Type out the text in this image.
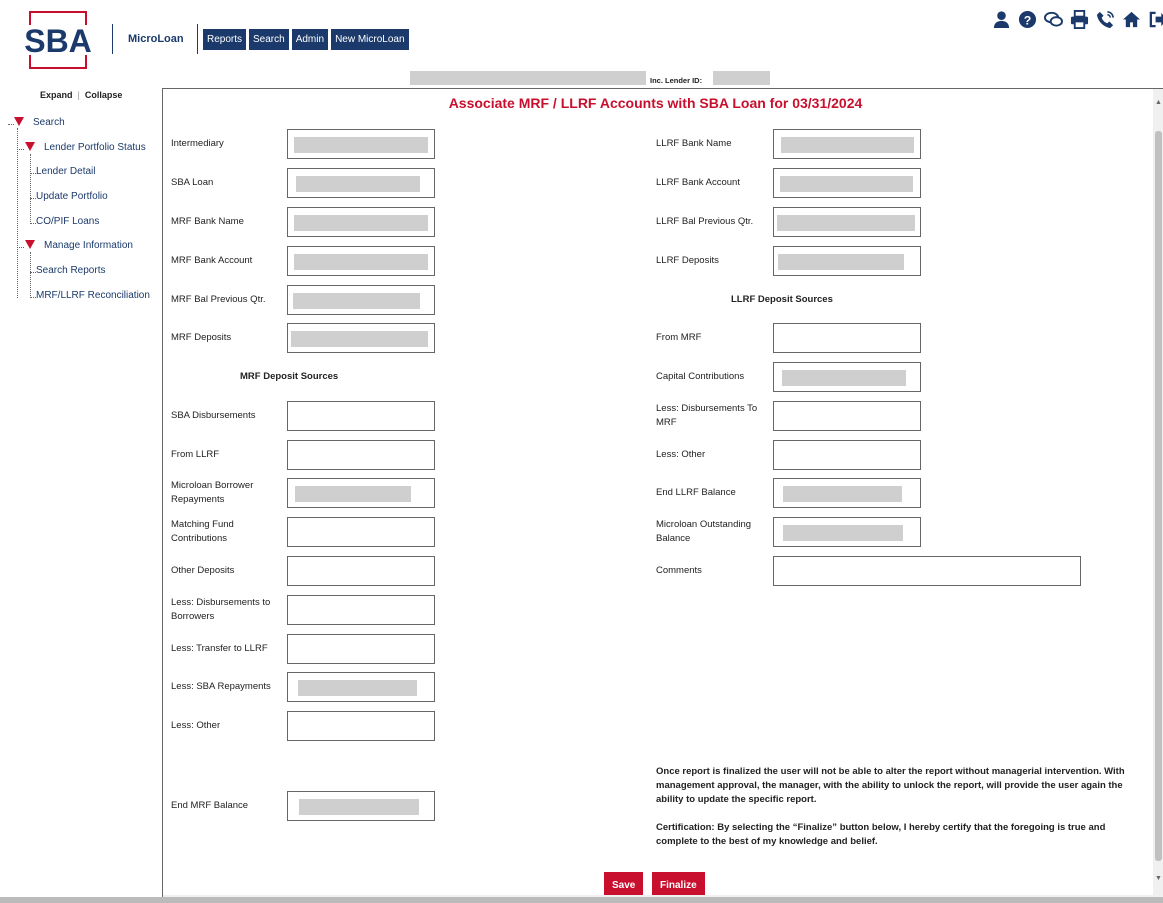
SBA	MicroLoan	Reports	Search	Admin	New MicroLoan
?
Inc. Lender ID:
Expand | Collapse
Search
Lender Portfolio Status
Lender Detail
Update Portfolio
CO/PIF Loans
Manage Information
Search Reports
MRF/LLRF Reconciliation
Associate MRF / LLRF Accounts with SBA Loan for 03/31/2024
Intermediary
SBA Loan
MRF Bank Name
MRF Bank Account
MRF Bal Previous Qtr.
MRF Deposits
MRF Deposit Sources
SBA Disbursements
From LLRF
Microloan Borrower Repayments
Matching Fund Contributions
Other Deposits
Less: Disbursements to Borrowers
Less: Transfer to LLRF
Less: SBA Repayments
Less: Other
End MRF Balance
LLRF Bank Name
LLRF Bank Account
LLRF Bal Previous Qtr.
LLRF Deposits
LLRF Deposit Sources
From MRF
Capital Contributions
Less: Disbursements To MRF
Less: Other
End LLRF Balance
Microloan Outstanding Balance
Comments

Once report is finalized the user will not be able to alter the report without managerial intervention. With management approval, the manager, with the ability to unlock the report, will provide the user again the ability to update the specific report.

Certification: By selecting the “Finalize” button below, I hereby certify that the foregoing is true and complete to the best of my knowledge and belief.

Save	Finalize
▲
▼
